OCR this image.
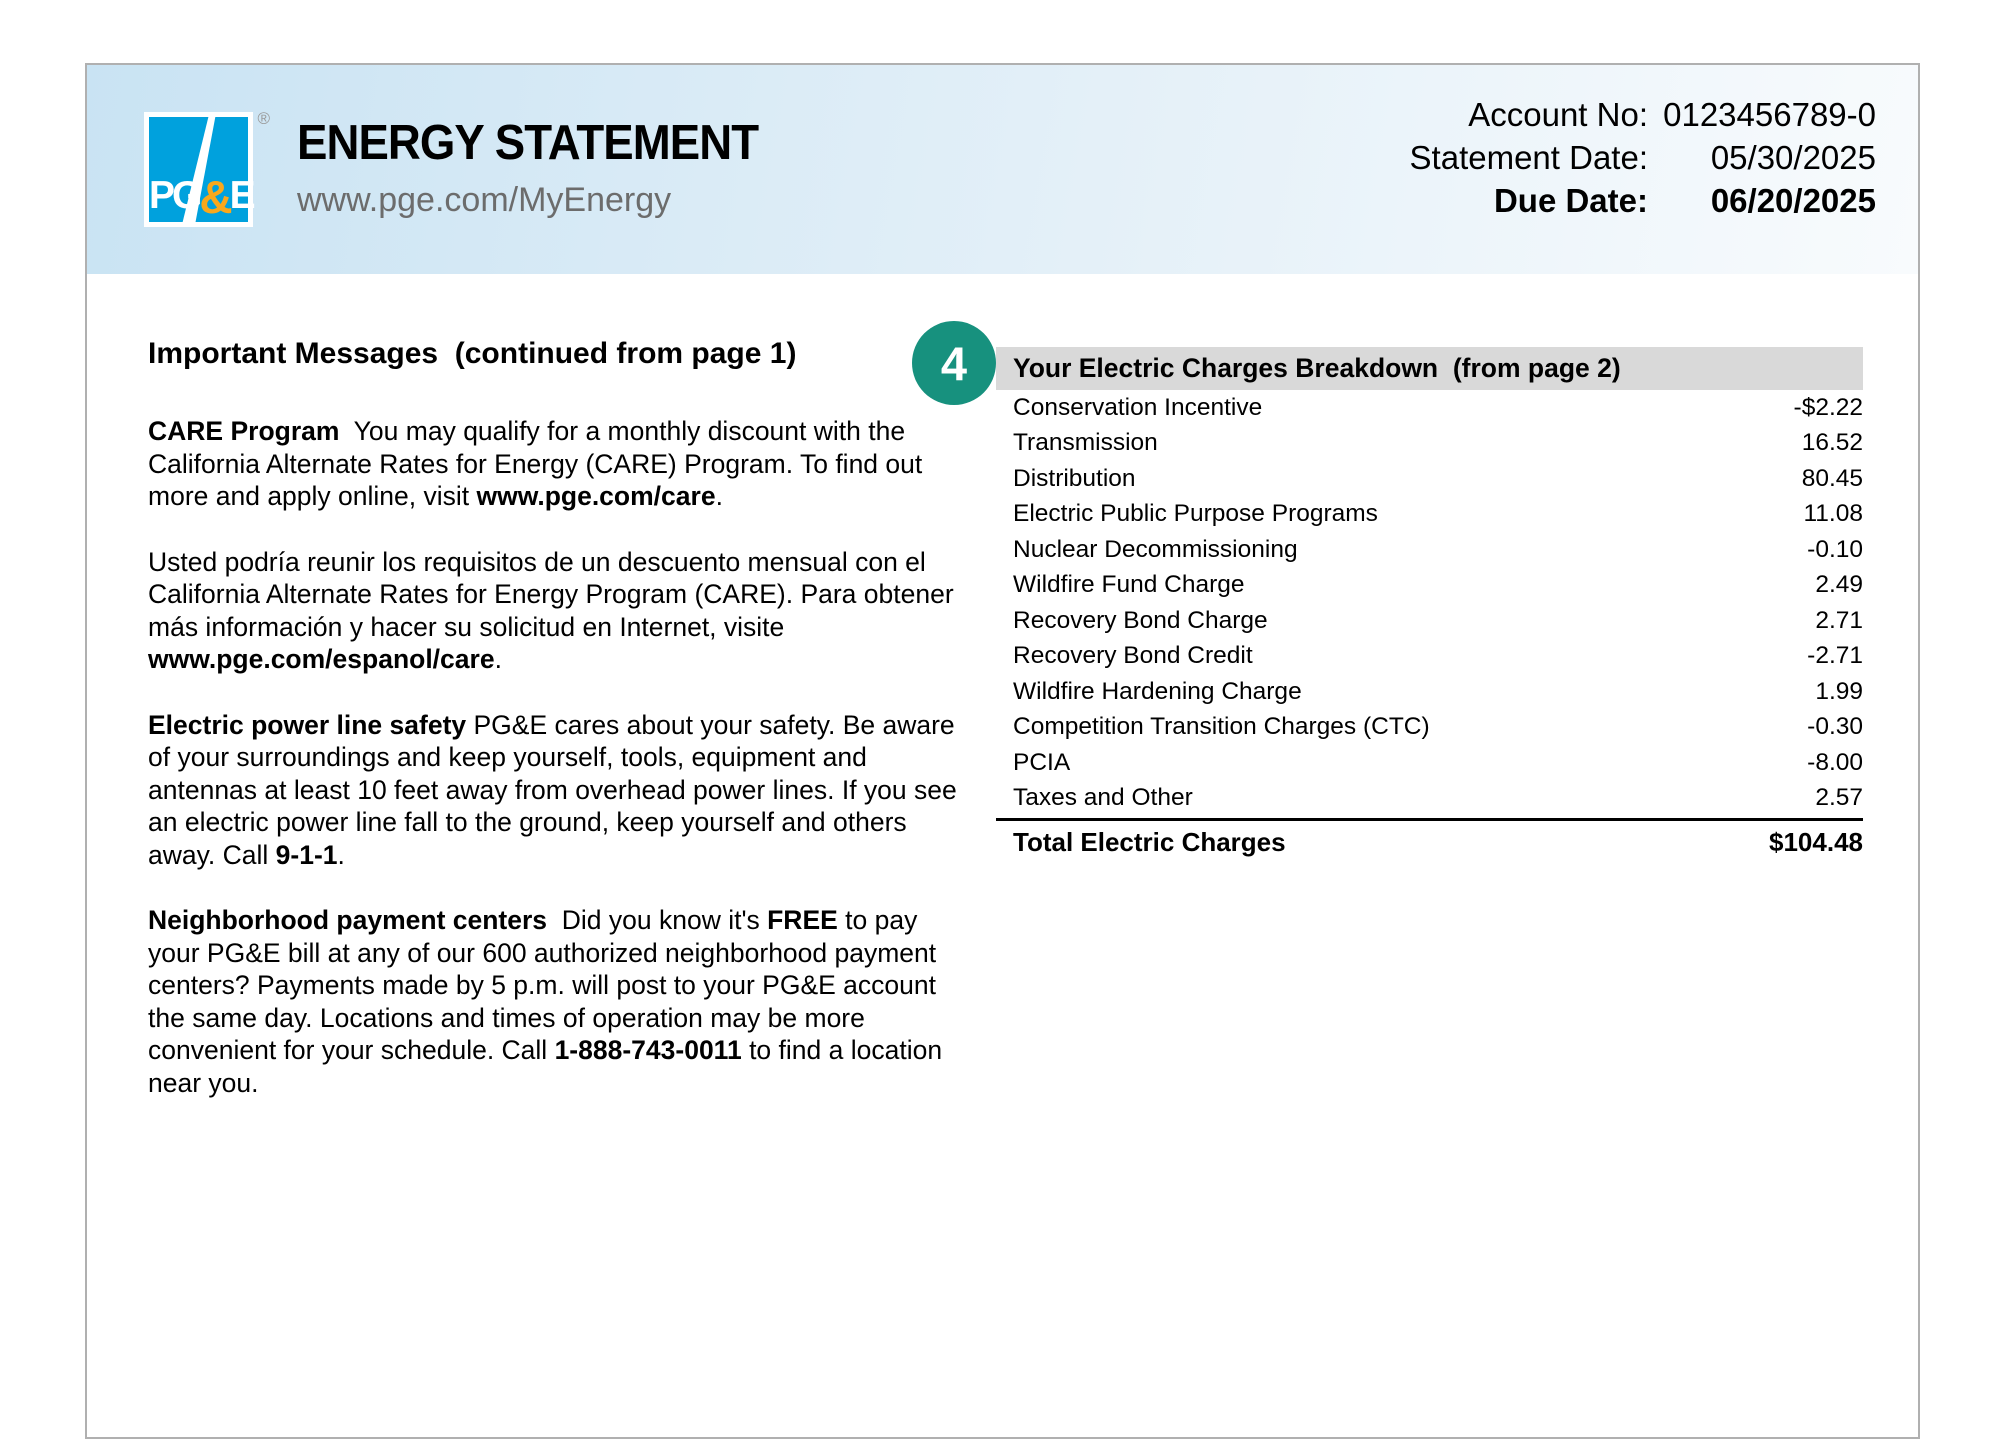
PG&E
® ENERGY STATEMENT
www.pge.com/MyEnergy
Account No: 0123456789-0
Statement Date:	05/30/2025
Due Date:	06/20/2025
Important Messages  (continued from page 1)

CARE Program  You may qualify for a monthly discount with the California Alternate Rates for Energy (CARE) Program. To find out more and apply online, visit www.pge.com/care.

Usted podría reunir los requisitos de un descuento mensual con el California Alternate Rates for Energy Program (CARE). Para obtener más información y hacer su solicitud en Internet, visite www.pge.com/espanol/care.

Electric power line safety PG&E cares about your safety. Be aware of your surroundings and keep yourself, tools, equipment and antennas at least 10 feet away from overhead power lines. If you see an electric power line fall to the ground, keep yourself and others away. Call 9-1-1.

Neighborhood payment centers  Did you know it's FREE to pay your PG&E bill at any of our 600 authorized neighborhood payment centers? Payments made by 5 p.m. will post to your PG&E account the same day. Locations and times of operation may be more convenient for your schedule. Call 1-888-743-0011 to find a location near you.

4	Your Electric Charges Breakdown  (from page 2)
Conservation Incentive	-$2.22
Transmission	16.52
Distribution	80.45
Electric Public Purpose Programs	11.08
Nuclear Decommissioning	-0.10
Wildfire Fund Charge	2.49
Recovery Bond Charge	2.71
Recovery Bond Credit	-2.71
Wildfire Hardening Charge	1.99
Competition Transition Charges (CTC)	-0.30
PCIA	-8.00
Taxes and Other	2.57
Total Electric Charges	$104.48
